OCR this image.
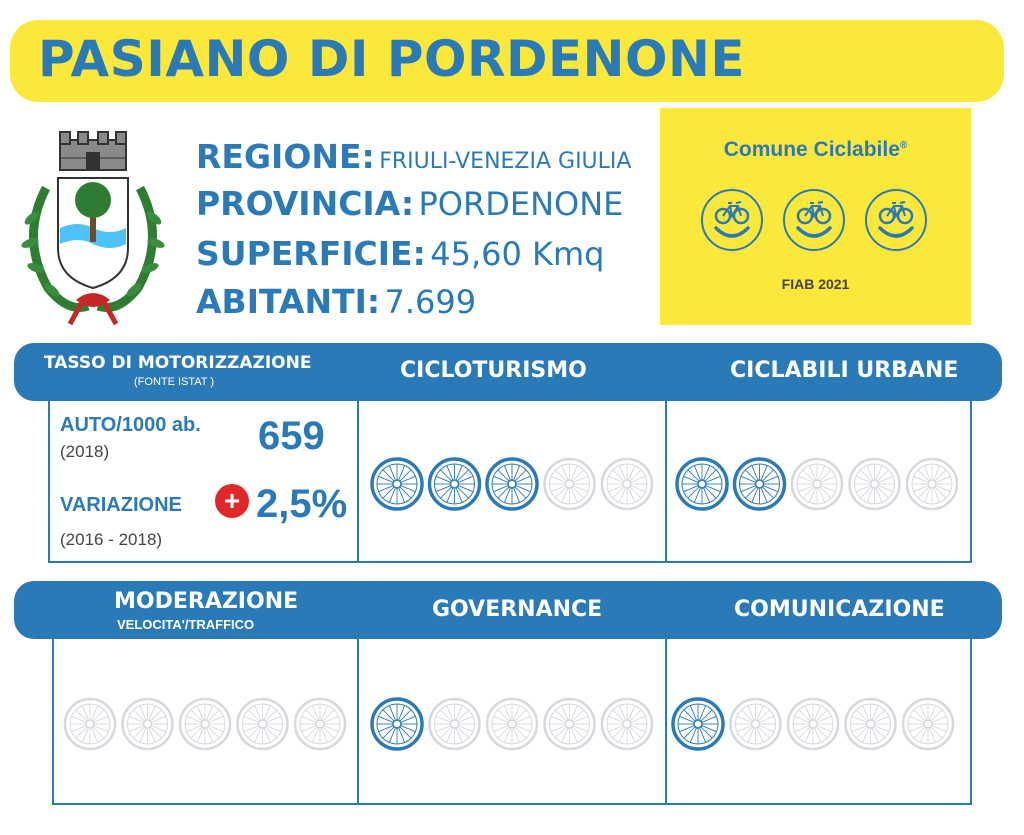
PASIANO DI PORDENONE
REGIONE: FRIULI-VENEZIA GIULIA
PROVINCIA: PORDENONE
SUPERFICIE: 45,60 Kmq
ABITANTI: 7.699
Comune Ciclabile®
FIAB 2021
TASSO DI MOTORIZZAZIONE
(FONTE ISTAT )	CICLOTURISMO	CICLABILI URBANE
AUTO/1000 ab.
(2018)	659
VARIAZIONE	+ 2,5%
(2016 - 2018)
MODERAZIONE
VELOCITA'/TRAFFICO
GOVERNANCE	COMUNICAZIONE
